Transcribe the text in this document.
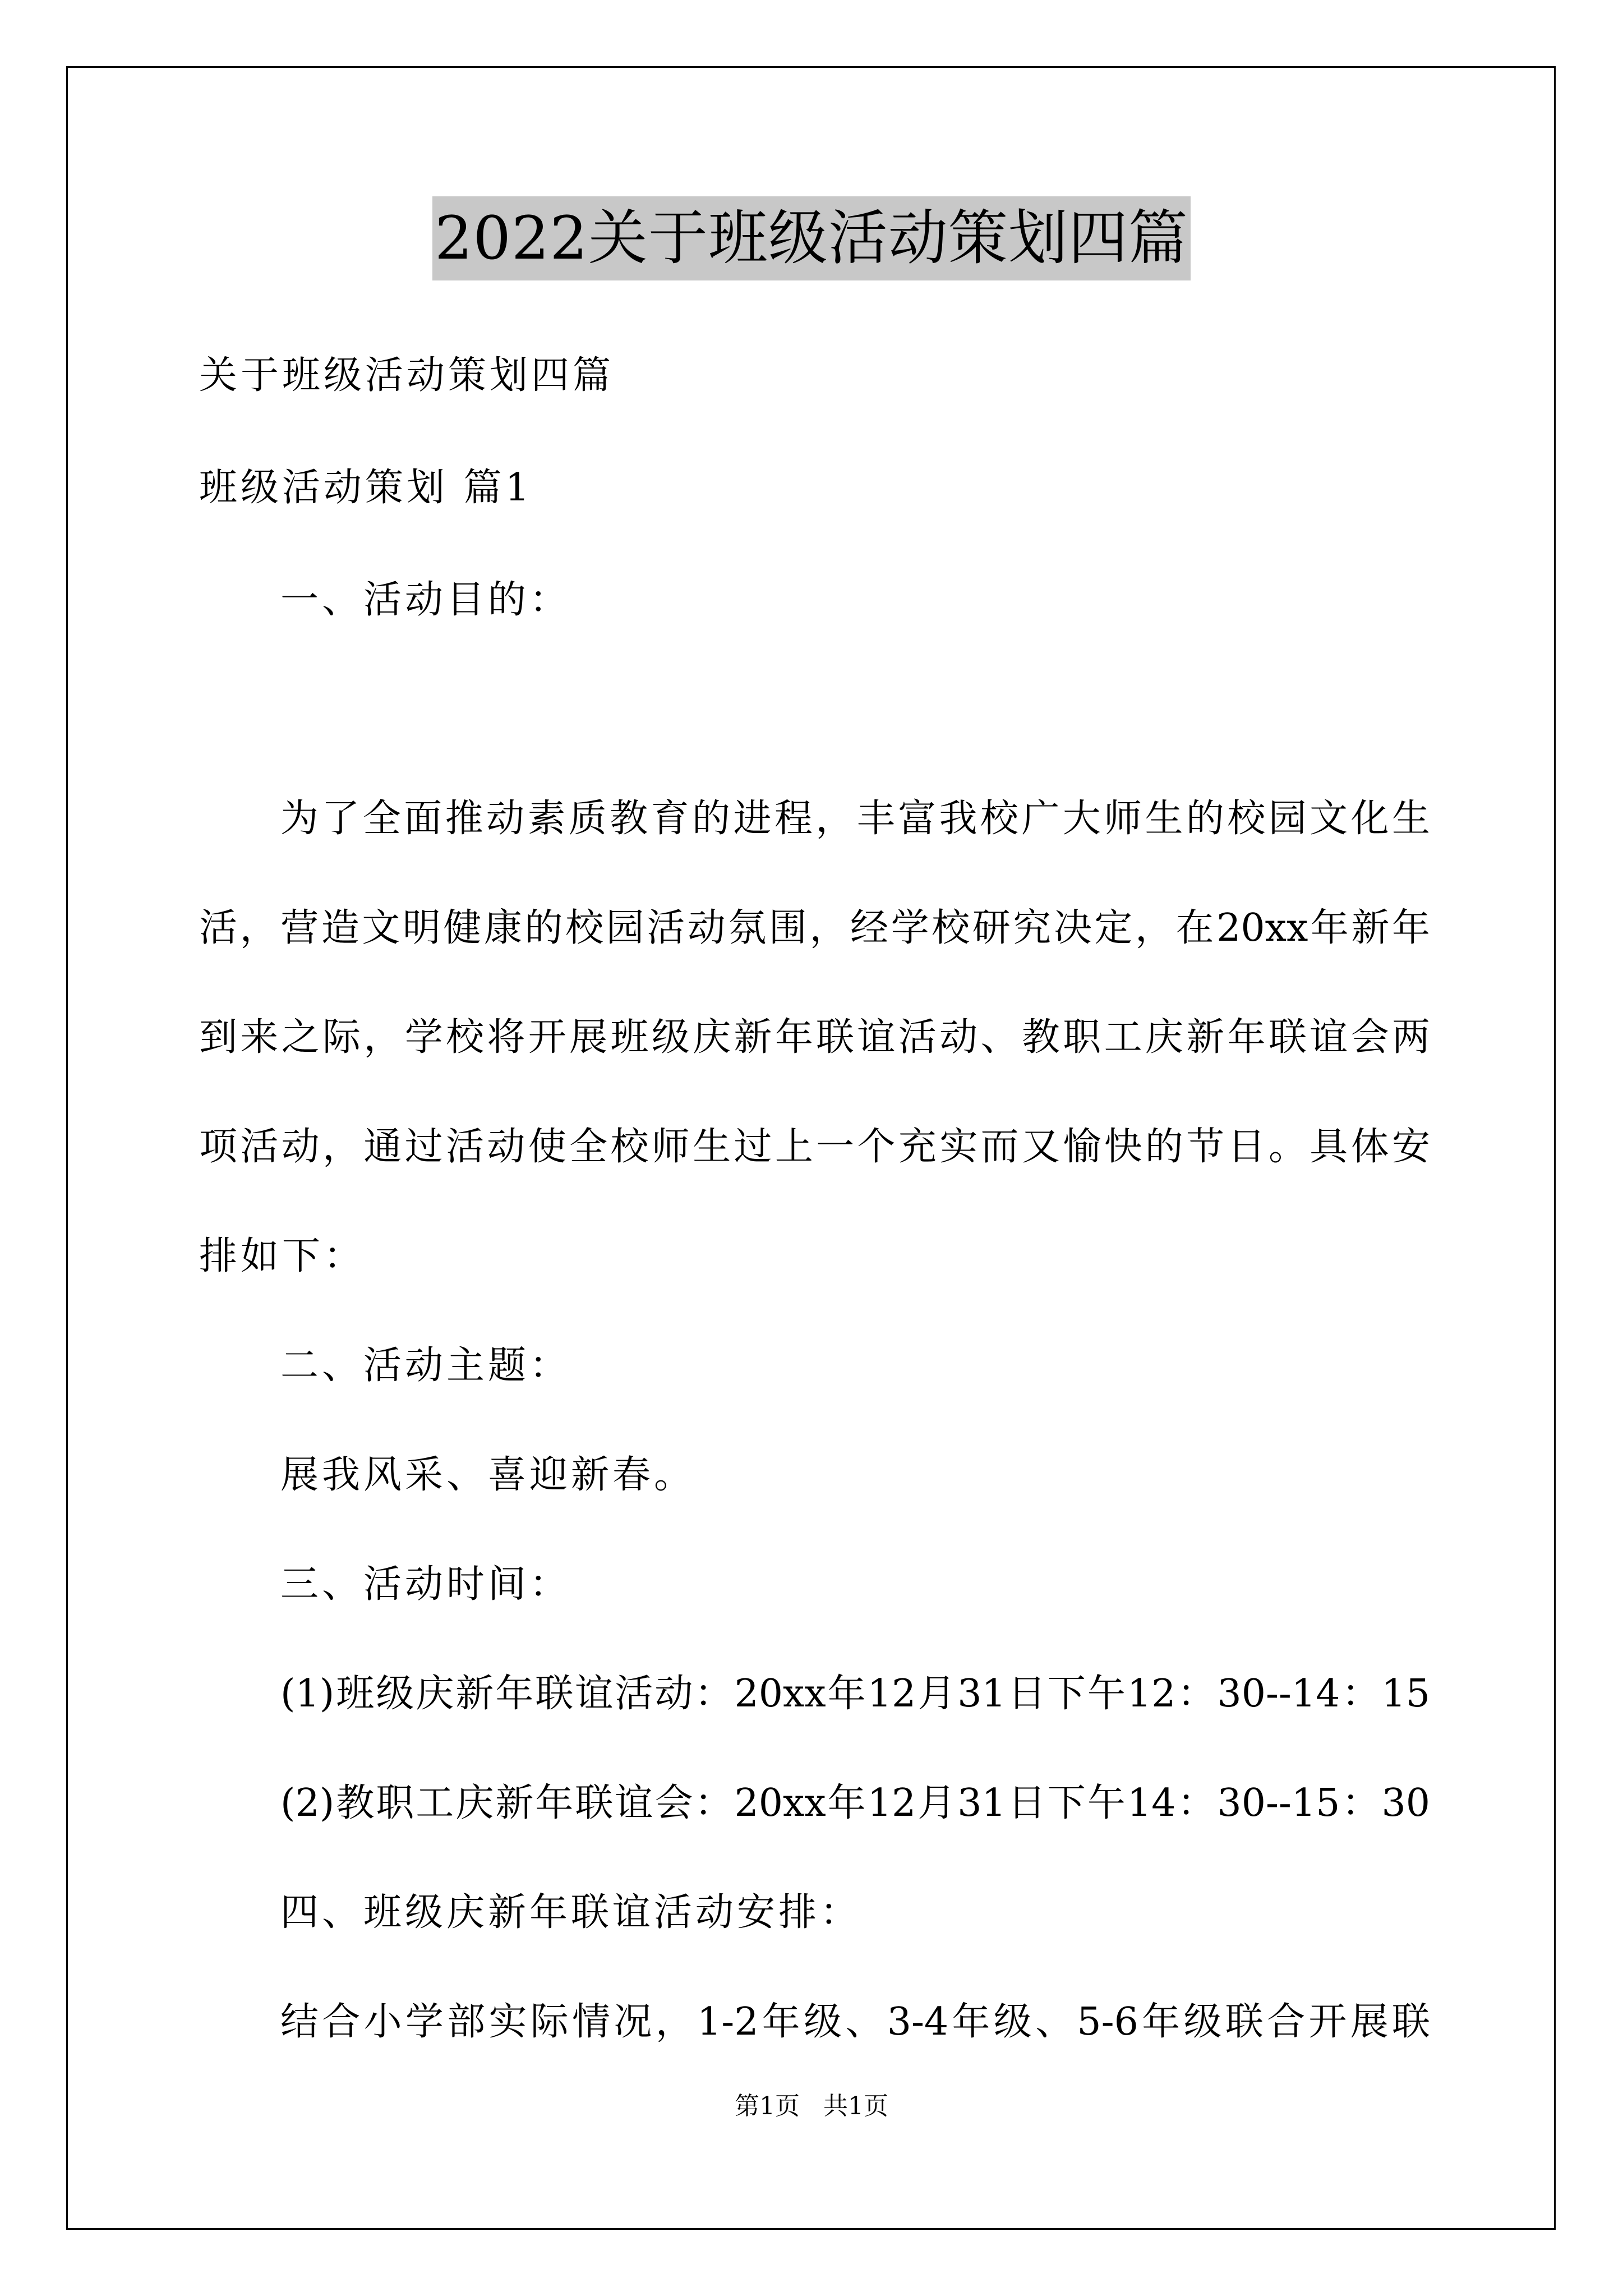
2022关于班级活动策划四篇
关于班级活动策划四篇
班级活动策划 篇1
一、活动目的：
为了全面推动素质教育的进程，丰富我校广大师生的校园文化生
活，营造文明健康的校园活动氛围，经学校研究决定，在20xx年新年
到来之际，学校将开展班级庆新年联谊活动、教职工庆新年联谊会两
项活动，通过活动使全校师生过上一个充实而又愉快的节日。具体安
排如下：
二、活动主题：
展我风采、喜迎新春。
三、活动时间：
(1)班级庆新年联谊活动：20xx年12月31日下午12：30--14：15
(2)教职工庆新年联谊会：20xx年12月31日下午14：30--15：30
四、班级庆新年联谊活动安排：
结合小学部实际情况，1-2年级、3-4年级、5-6年级联合开展联
第1页 共1页
